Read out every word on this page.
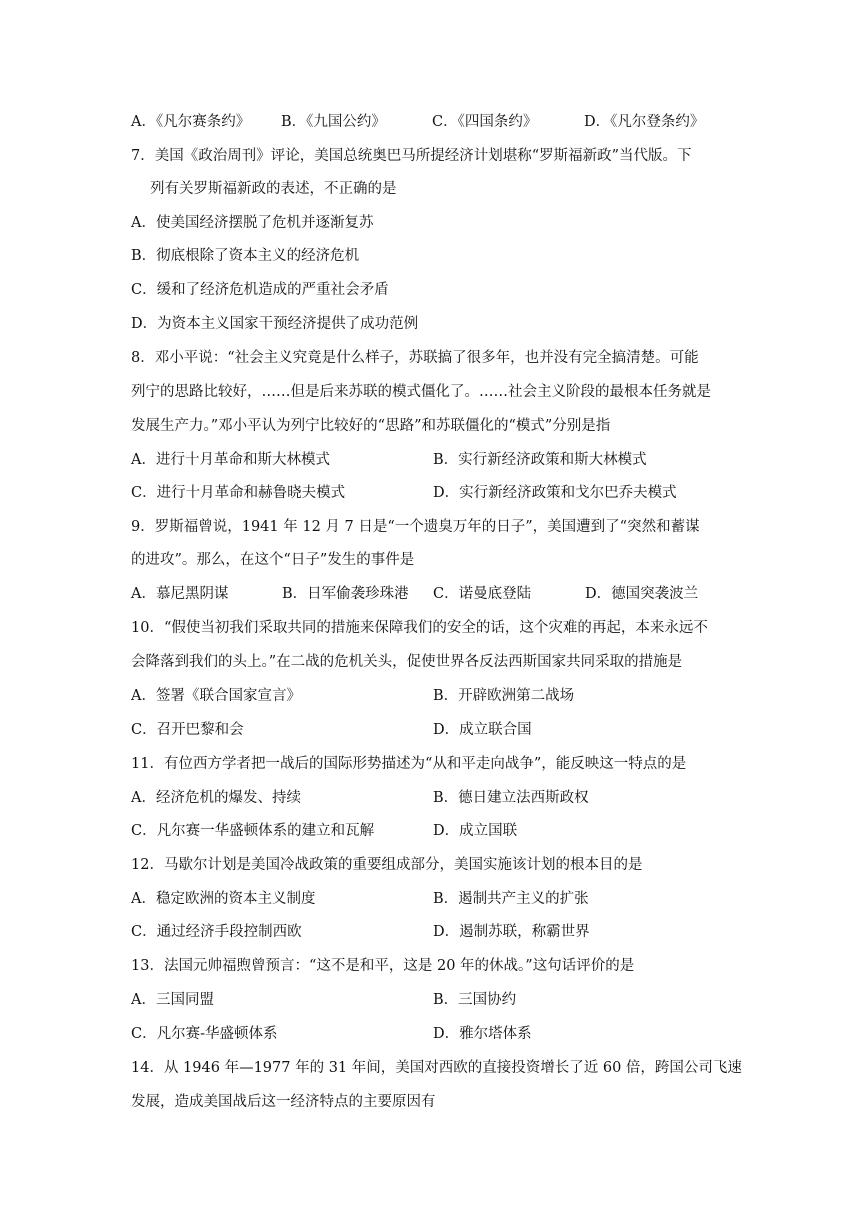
A．《凡尔赛条约》 B．《九国公约》	C．《四国条约》	D．《凡尔登条约》
7．美国《政治周刊》评论，美国总统奥巴马所提经济计划堪称“罗斯福新政”当代版。下
列有关罗斯福新政的表述，不正确的是
A．使美国经济摆脱了危机并逐渐复苏
B．彻底根除了资本主义的经济危机
C．缓和了经济危机造成的严重社会矛盾
D．为资本主义国家干预经济提供了成功范例
8．邓小平说：“社会主义究竟是什么样子，苏联搞了很多年，也并没有完全搞清楚。可能
列宁的思路比较好，……但是后来苏联的模式僵化了。……社会主义阶段的最根本任务就是
发展生产力。”邓小平认为列宁比较好的“思路”和苏联僵化的“模式”分别是指
A．进行十月革命和斯大林模式	B．实行新经济政策和斯大林模式
C．进行十月革命和赫鲁晓夫模式	D．实行新经济政策和戈尔巴乔夫模式
9．罗斯福曾说，1941 年 12 月 7 日是“一个遗臭万年的日子”，美国遭到了“突然和蓄谋
的进攻”。那么，在这个“日子”发生的事件是
A．慕尼黑阴谋	B．日军偷袭珍珠港 C．诺曼底登陆	D．德国突袭波兰
10．“假使当初我们采取共同的措施来保障我们的安全的话，这个灾难的再起，本来永远不
会降落到我们的头上。”在二战的危机关头，促使世界各反法西斯国家共同采取的措施是
A．签署《联合国家宣言》	B．开辟欧洲第二战场
C．召开巴黎和会	D．成立联合国
11．有位西方学者把一战后的国际形势描述为“从和平走向战争”，能反映这一特点的是
A．经济危机的爆发、持续	B．德日建立法西斯政权
C．凡尔赛一华盛顿体系的建立和瓦解	D．成立国联
12．马歇尔计划是美国冷战政策的重要组成部分，美国实施该计划的根本目的是
A．稳定欧洲的资本主义制度	B．遏制共产主义的扩张
C．通过经济手段控制西欧	D．遏制苏联，称霸世界
13．法国元帅福煦曾预言：“这不是和平，这是 20 年的休战。”这句话评价的是
A．三国同盟	B．三国协约
C．凡尔赛-华盛顿体系	D．雅尔塔体系
14．从 1946 年—1977 年的 31 年间，美国对西欧的直接投资增长了近 60 倍，跨国公司飞速
发展，造成美国战后这一经济特点的主要原因有
